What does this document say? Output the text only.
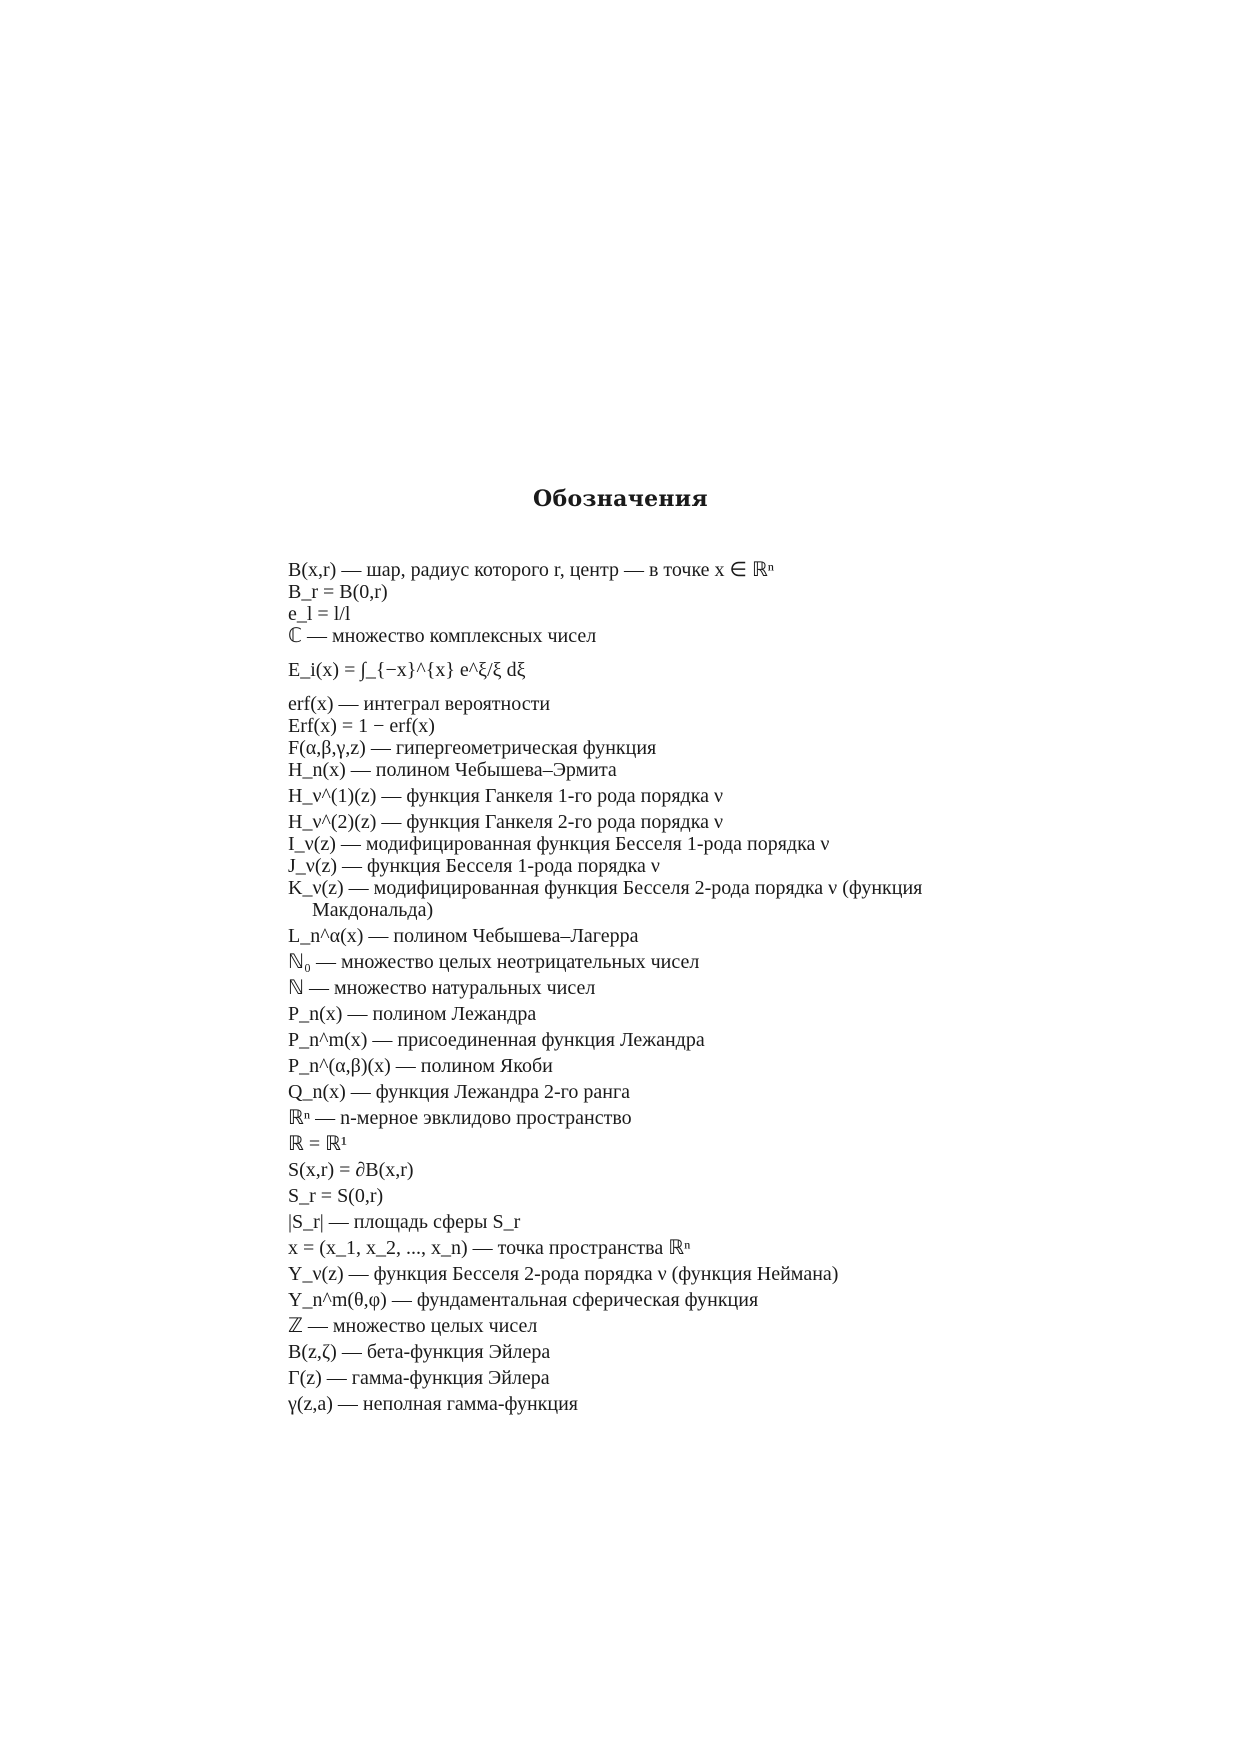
Обозначения
B(x,r) — шар, радиус которого r, центр — в точке x ∈ ℝⁿ
B_r = B(0,r)
e_l = l/l
ℂ — множество комплексных чисел
E_i(x) = ∫_{−x}^{x} e^ξ/ξ dξ
erf(x) — интеграл вероятности
Erf(x) = 1 − erf(x)
F(α,β,γ,z) — гипергеометрическая функция
H_n(x) — полином Чебышева–Эрмита
H_ν^(1)(z) — функция Ганкеля 1-го рода порядка ν
H_ν^(2)(z) — функция Ганкеля 2-го рода порядка ν
I_ν(z) — модифицированная функция Бесселя 1-рода порядка ν
J_ν(z) — функция Бесселя 1-рода порядка ν
K_ν(z) — модифицированная функция Бесселя 2-рода порядка ν (функция Макдональда)
L_n^α(x) — полином Чебышева–Лагерра
ℕ₀ — множество целых неотрицательных чисел
ℕ — множество натуральных чисел
P_n(x) — полином Лежандра
P_n^m(x) — присоединенная функция Лежандра
P_n^(α,β)(x) — полином Якоби
Q_n(x) — функция Лежандра 2-го ранга
ℝⁿ — n-мерное эвклидово пространство
ℝ = ℝ¹
S(x,r) = ∂B(x,r)
S_r = S(0,r)
|S_r| — площадь сферы S_r
x = (x_1, x_2, ..., x_n) — точка пространства ℝⁿ
Y_ν(z) — функция Бесселя 2-рода порядка ν (функция Неймана)
Y_n^m(θ,φ) — фундаментальная сферическая функция
ℤ — множество целых чисел
B(z,ζ) — бета-функция Эйлера
Γ(z) — гамма-функция Эйлера
γ(z,a) — неполная гамма-функция
